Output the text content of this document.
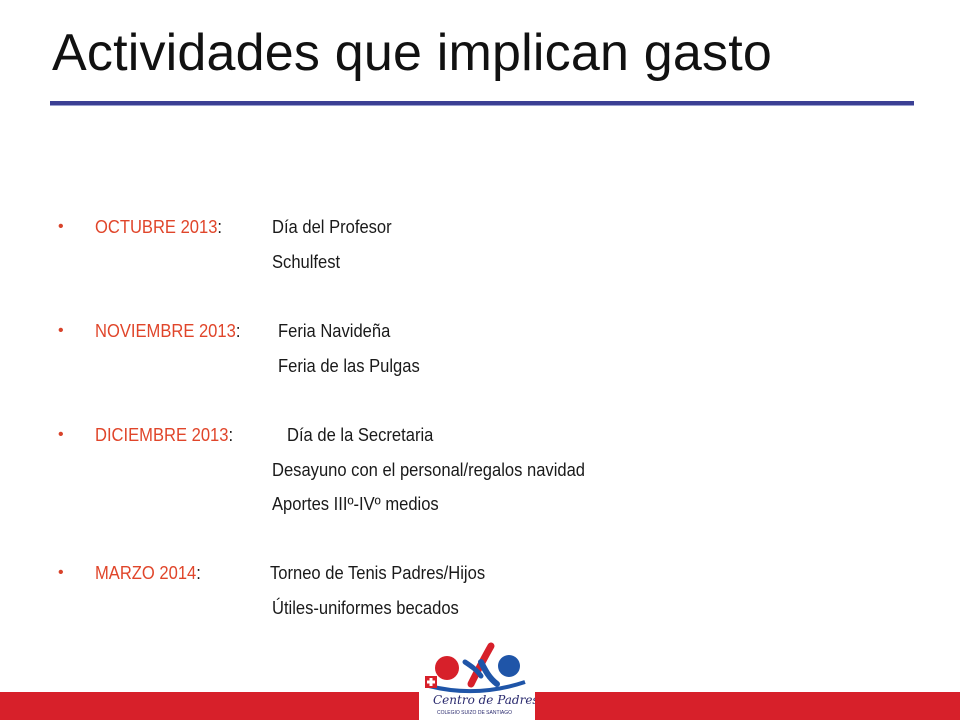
Actividades que implican gasto
• OCTUBRE 2013:	Día del Profesor
Schulfest
• NOVIEMBRE 2013: Feria Navideña
Feria de las Pulgas
• DICIEMBRE 2013:	Día de la Secretaria
Desayuno con el personal/regalos navidad
Aportes IIIº-IVº medios
• MARZO 2014:	Torneo de Tenis Padres/Hijos
Útiles-uniformes becados
Centro de Padres
COLEGIO SUIZO DE SANTIAGO
